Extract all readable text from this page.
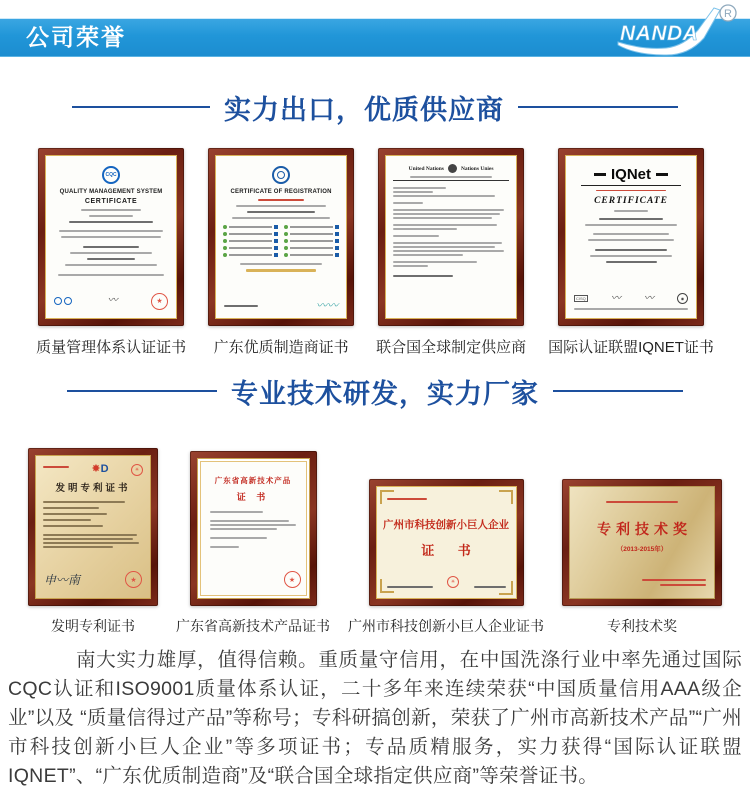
公司荣誉	NANDA
R
实力出口，优质供应商
CQC
QUALITY MANAGEMENT SYSTEM
CERTIFICATE
〰	★
质量管理体系认证证书
CERTIFICATE OF REGISTRATION
〰〰
广东优质制造商证书
United Nations	Nations Unies
联合国全球制定供应商
IQNet
CERTIFICATE
CISQ	〰 〰	◉
国际认证联盟IQNET证书
专业技术研发，实力厂家
✸D	✳
发明专利证书
申〰南	★
发明专利证书
广东省高新技术产品
证 书
★
广东省高新技术产品证书
广州市科技创新小巨人企业
证 书
✳
广州市科技创新小巨人企业证书
专利技术奖
（2013-2015年）
专利技术奖

南大实力雄厚，值得信赖。重质量守信用，在中国洗涤行业中率先通过国际CQC认证和ISO9001质量体系认证，二十多年来连续荣获“中国质量信用AAA级企业”以及 “质量信得过产品”等称号；专科研搞创新，荣获了广州市高新技术产品”“广州市科技创新小巨人企业”等多项证书；专品质精服务，实力获得“国际认证联盟IQNET”、“广东优质制造商”及“联合国全球指定供应商”等荣誉证书。
